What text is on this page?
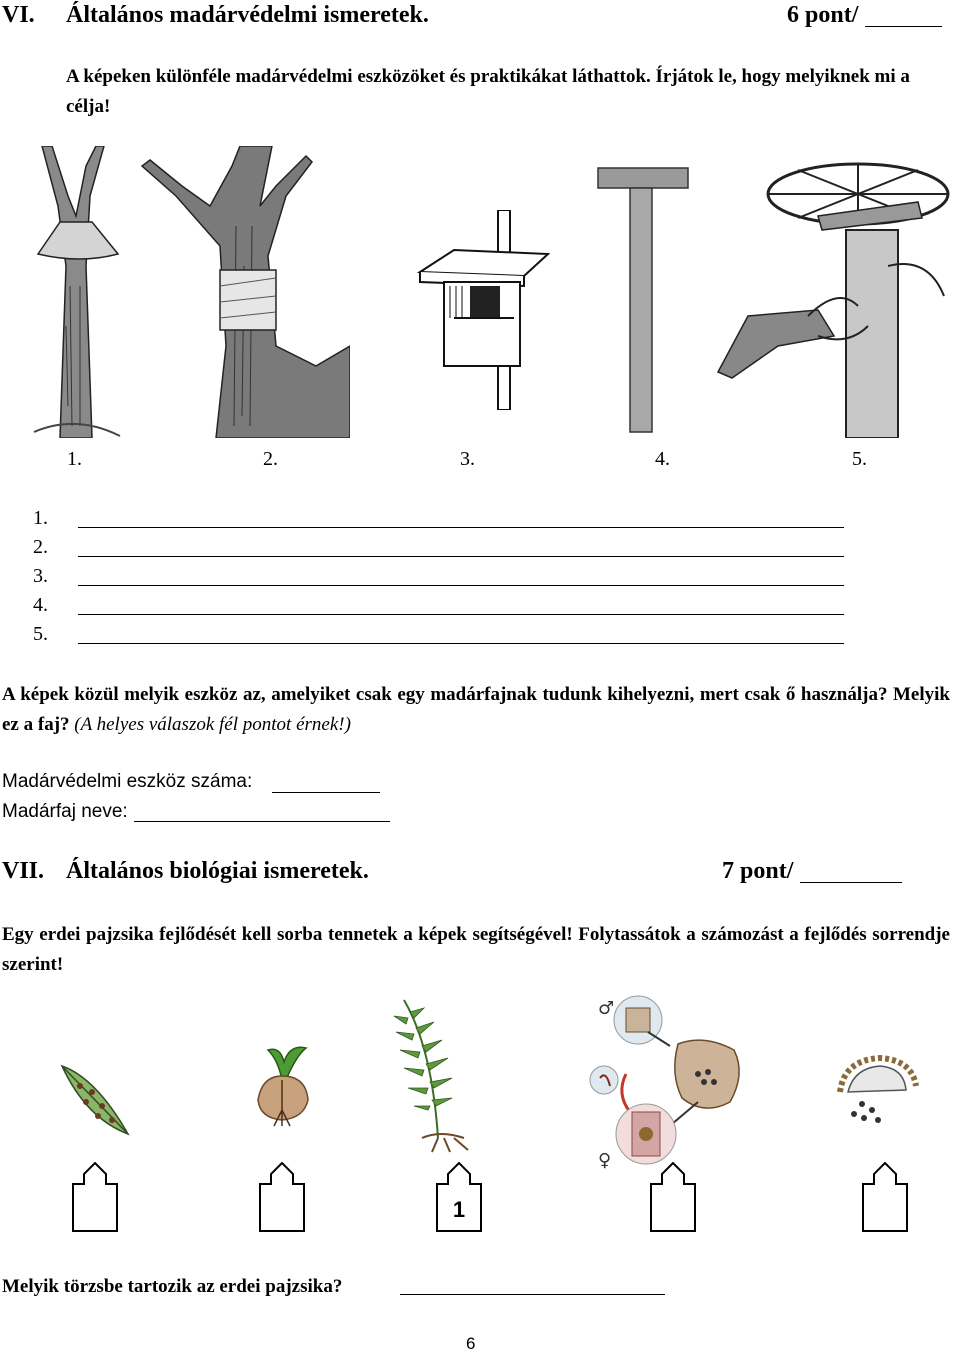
VI. Általános madárvédelmi ismeretek.	6 pont/
A képeken különféle madárvédelmi eszközöket és praktikákat láthattok. Írjátok le, hogy melyiknek mi a célja!
1.	2.	3.	4.	5.
1.
2.
3.
4.
5.
A képek közül melyik eszköz az, amelyiket csak egy madárfajnak tudunk kihelyezni, mert csak ő használja? Melyik ez a faj? (A helyes válaszok fél pontot érnek!)
Madárvédelmi eszköz száma:
Madárfaj neve:
VII. Általános biológiai ismeretek.	7 pont/
Egy erdei pajzsika fejlődését kell sorba tennetek a képek segítségével! Folytassátok a számozást a fejlődés sorrendje szerint!
♂
♀
1
Melyik törzsbe tartozik az erdei pajzsika?
6
